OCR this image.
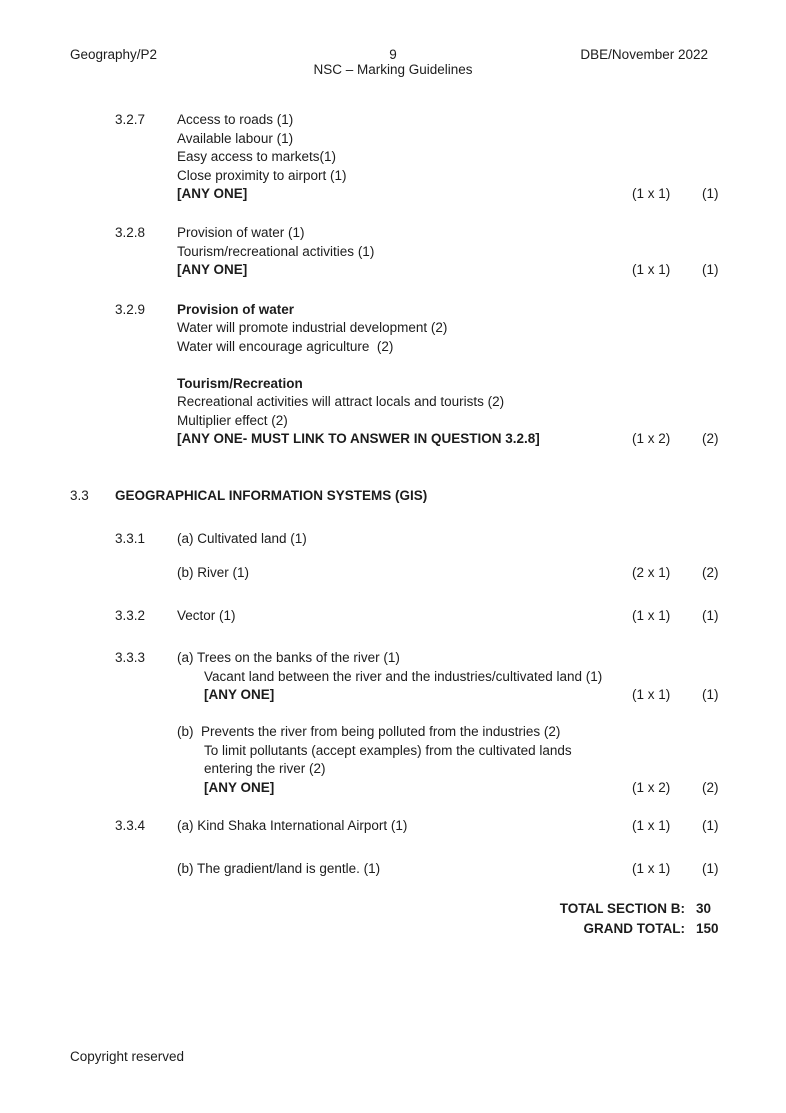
Geography/P2	9	DBE/November 2022
NSC – Marking Guidelines
3.2.7 Access to roads (1)
Available labour (1)
Easy access to markets(1)
Close proximity to airport (1)
[ANY ONE]	(1 x 1) (1)
3.2.8 Provision of water (1)
Tourism/recreational activities (1)
[ANY ONE]	(1 x 1) (1)
3.2.9 Provision of water
Water will promote industrial development (2)
Water will encourage agriculture  (2)
Tourism/Recreation
Recreational activities will attract locals and tourists (2)
Multiplier effect (2)
[ANY ONE- MUST LINK TO ANSWER IN QUESTION 3.2.8]	(1 x 2) (2)
3.3 GEOGRAPHICAL INFORMATION SYSTEMS (GIS)
3.3.1 (a) Cultivated land (1)
(b) River (1)	(2 x 1) (2)
3.3.2 Vector (1)	(1 x 1) (1)
3.3.3 (a) Trees on the banks of the river (1)
Vacant land between the river and the industries/cultivated land (1)
[ANY ONE]	(1 x 1) (1)
(b)  Prevents the river from being polluted from the industries (2)
To limit pollutants (accept examples) from the cultivated lands
entering the river (2)
[ANY ONE]	(1 x 2) (2)
3.3.4 (a) Kind Shaka International Airport (1)	(1 x 1) (1)
(b) The gradient/land is gentle. (1)	(1 x 1) (1)
TOTAL SECTION B: 30
GRAND TOTAL: 150
Copyright reserved
